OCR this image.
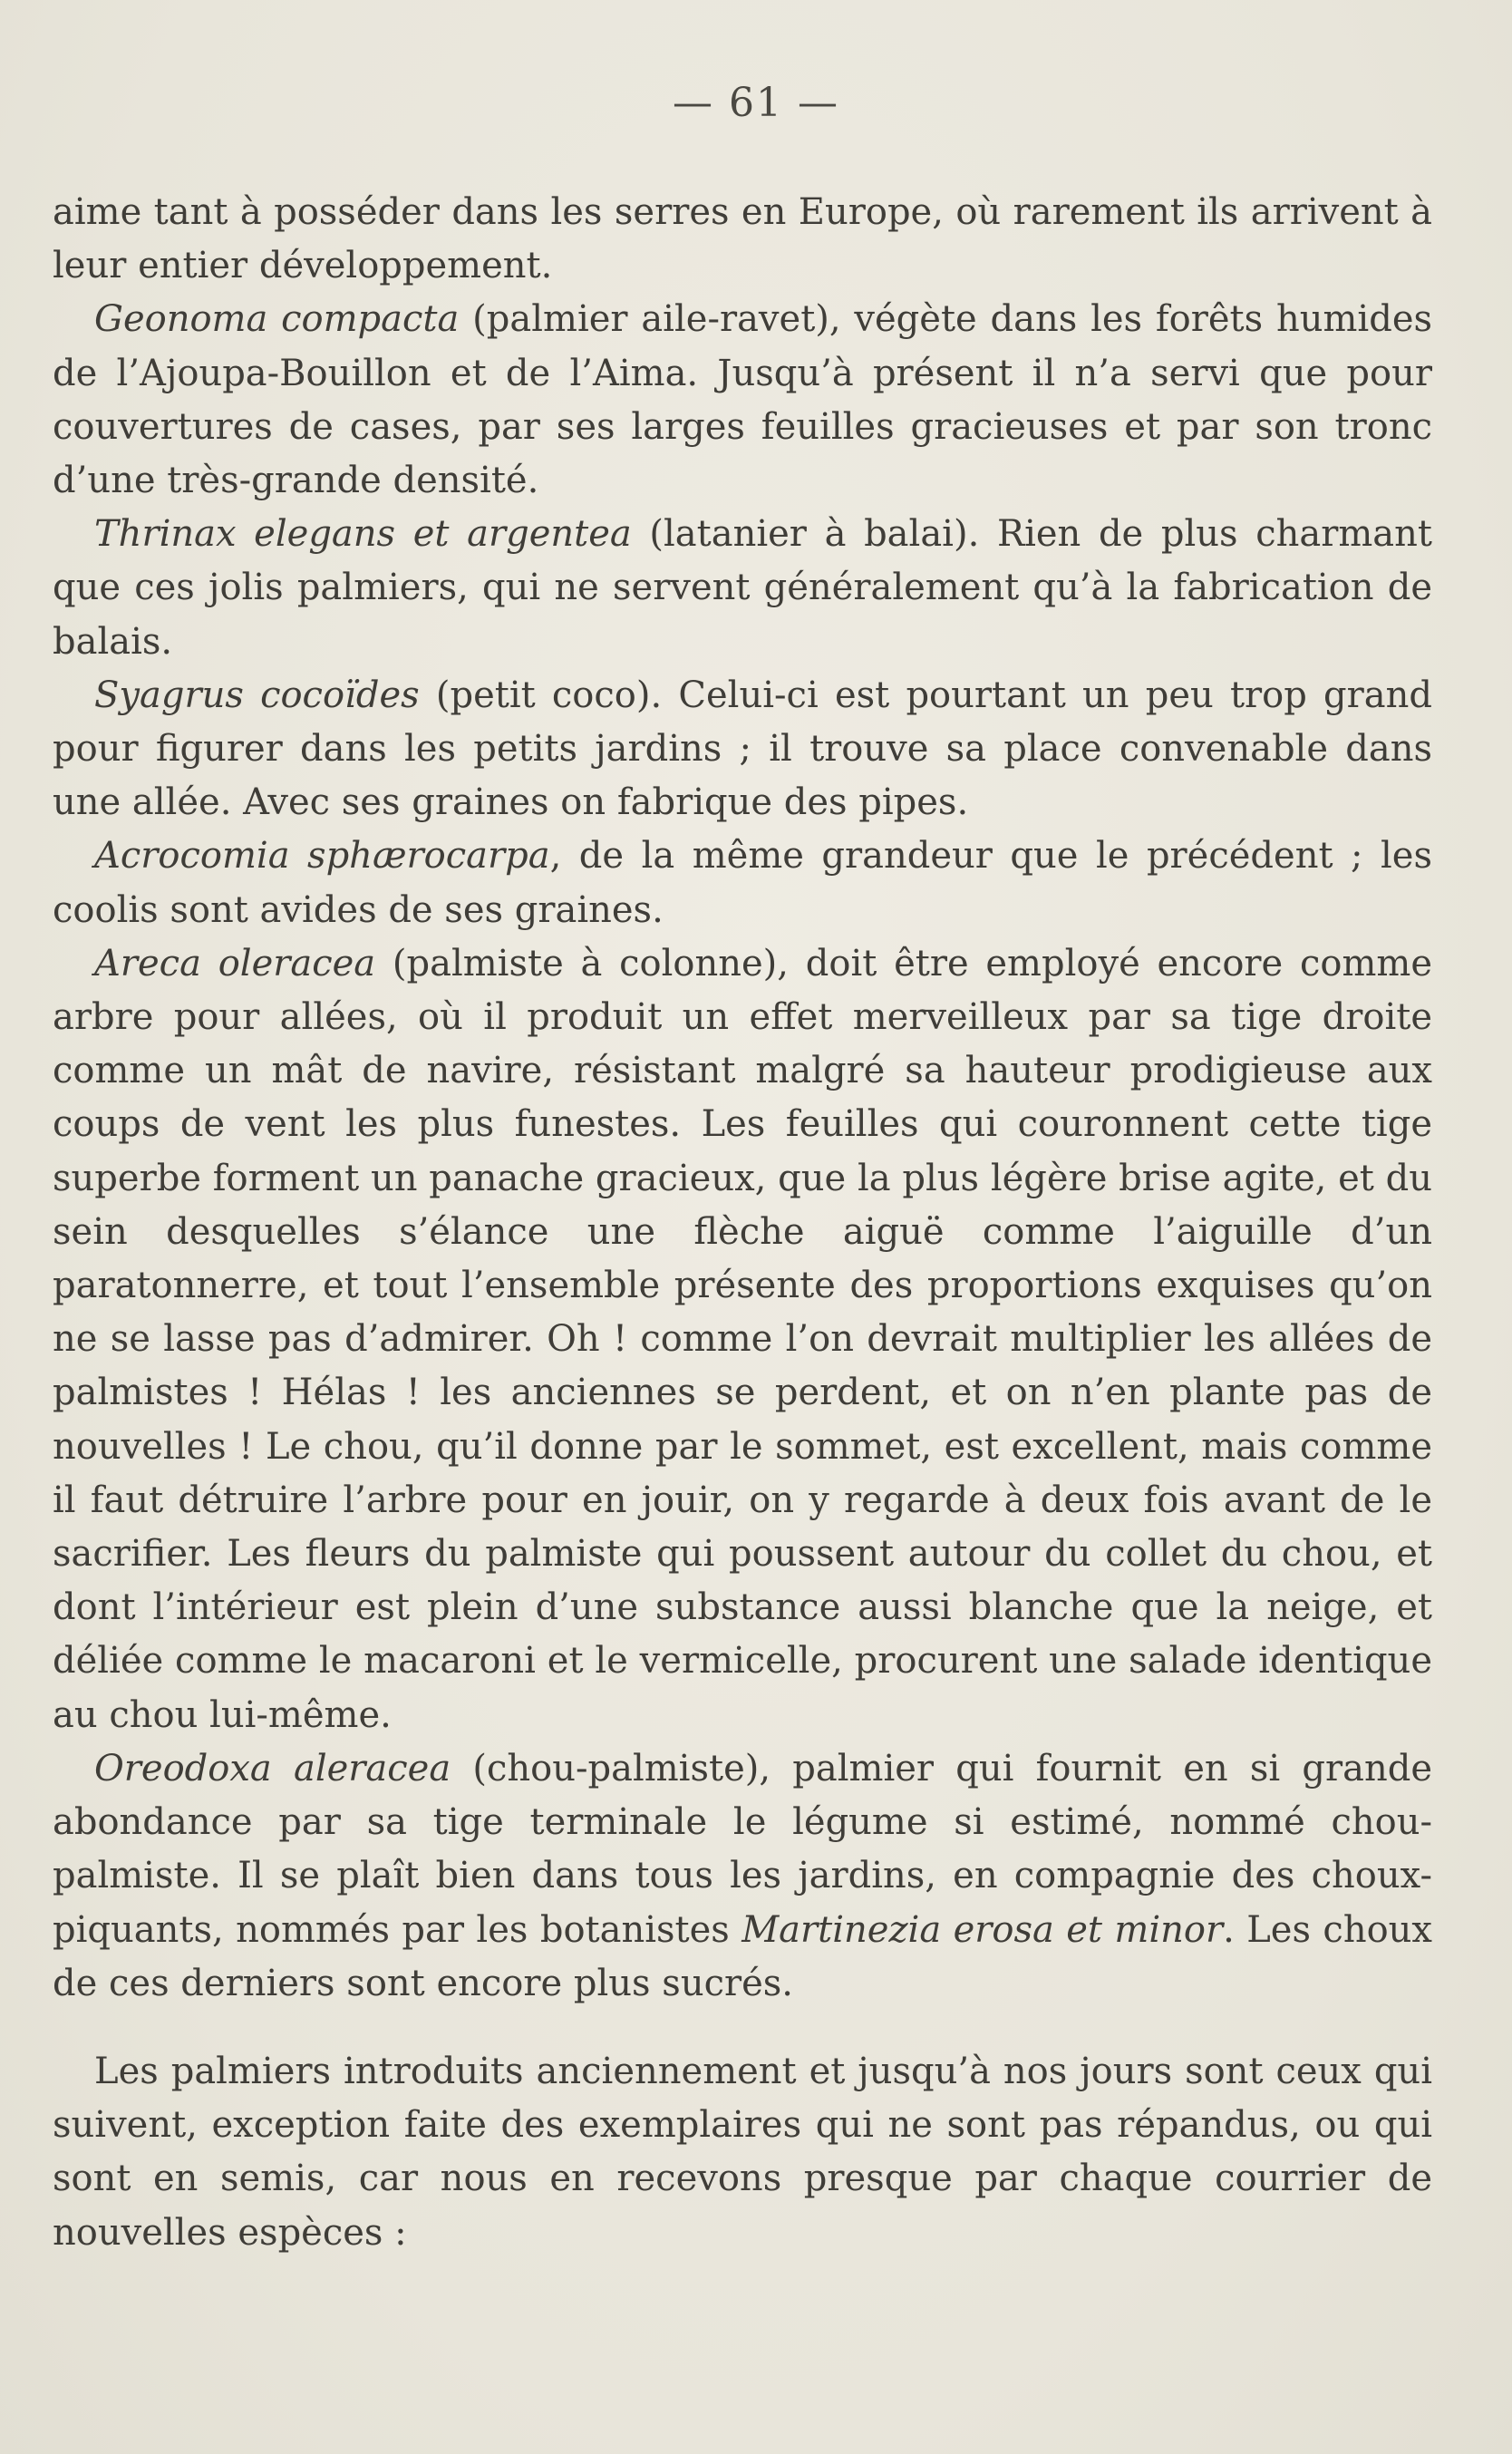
— 61 —

aime tant à posséder dans les serres en Europe, où rarement ils arrivent à leur entier développement.

Geonoma compacta (palmier aile-ravet), végète dans les forêts humides de l’Ajoupa-Bouillon et de l’Aima. Jusqu’à présent il n’a servi que pour couvertures de cases, par ses larges feuilles gracieuses et par son tronc d’une très-grande densité.

Thrinax elegans et argentea (latanier à balai). Rien de plus charmant que ces jolis palmiers, qui ne servent généralement qu’à la fabrication de balais.

Syagrus cocoïdes (petit coco). Celui-ci est pourtant un peu trop grand pour figurer dans les petits jardins ; il trouve sa place convenable dans une allée. Avec ses graines on fabrique des pipes.

Acrocomia sphærocarpa, de la même grandeur que le précédent ; les coolis sont avides de ses graines.

Areca oleracea (palmiste à colonne), doit être employé encore comme arbre pour allées, où il produit un effet merveilleux par sa tige droite comme un mât de navire, résistant malgré sa hauteur prodigieuse aux coups de vent les plus funestes. Les feuilles qui couronnent cette tige superbe forment un panache gracieux, que la plus légère brise agite, et du sein desquelles s’élance une flèche aiguë comme l’aiguille d’un paratonnerre, et tout l’ensemble présente des proportions exquises qu’on ne se lasse pas d’admirer. Oh ! comme l’on devrait multiplier les allées de palmistes ! Hélas ! les anciennes se perdent, et on n’en plante pas de nouvelles ! Le chou, qu’il donne par le sommet, est excellent, mais comme il faut détruire l’arbre pour en jouir, on y regarde à deux fois avant de le sacrifier. Les fleurs du palmiste qui poussent autour du collet du chou, et dont l’intérieur est plein d’une substance aussi blanche que la neige, et déliée comme le macaroni et le vermicelle, procurent une salade identique au chou lui-même.

Oreodoxa aleracea (chou-palmiste), palmier qui fournit en si grande abondance par sa tige terminale le légume si estimé, nommé chou-palmiste. Il se plaît bien dans tous les jardins, en compagnie des choux-piquants, nommés par les botanistes Martinezia erosa et minor. Les choux de ces derniers sont encore plus sucrés.

Les palmiers introduits anciennement et jusqu’à nos jours sont ceux qui suivent, exception faite des exemplaires qui ne sont pas répandus, ou qui sont en semis, car nous en recevons presque par chaque courrier de nouvelles espèces :
